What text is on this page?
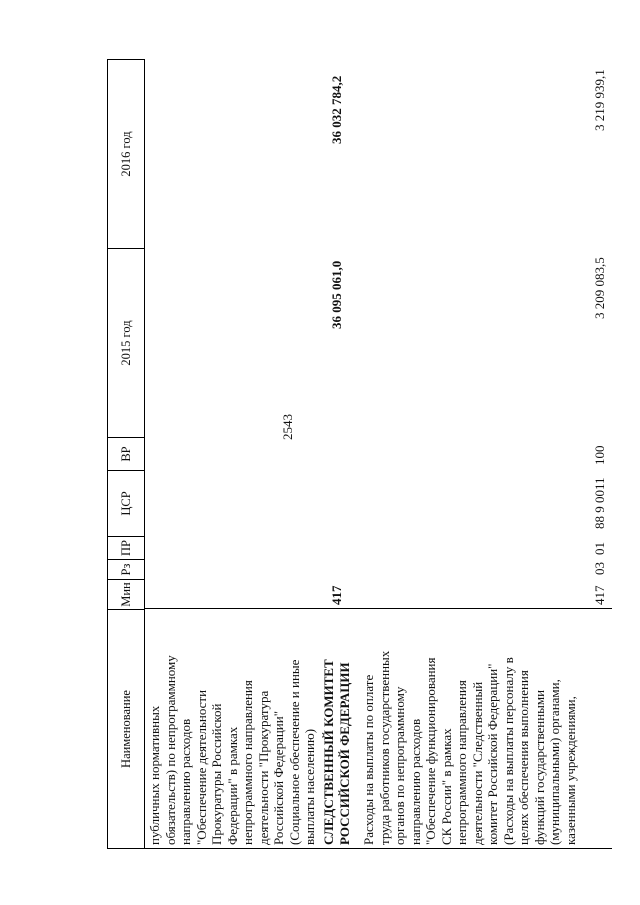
2543
Наименование
Мин
Рз
ПР
ЦСР
ВР
2015 год
2016 год
публичных нормативных обязательств) по непрограммному направлению расходов "Обеспечение деятельности Прокуратуры Российской Федерации" в рамках непрограммного направления деятельности "Прокуратура Российской Федерации" (Социальное обеспечение и иные выплаты населению) СЛЕДСТВЕННЫЙ КОМИТЕТ РОССИЙСКОЙ ФЕДЕРАЦИИ
417
36 095 061,0
36 032 784,2
Расходы на выплаты по оплате труда работников государственных органов по непрограммному направлению расходов "Обеспечение функционирования СК России" в рамках непрограммного направления деятельности "Следственный комитет Российской Федерации" (Расходы на выплаты персоналу в целях обеспечения выполнения функций государственными (муниципальными) органами, казенными учреждениями,
417
03
01
88 9 0011
100
3 209 083,5
3 219 939,1
